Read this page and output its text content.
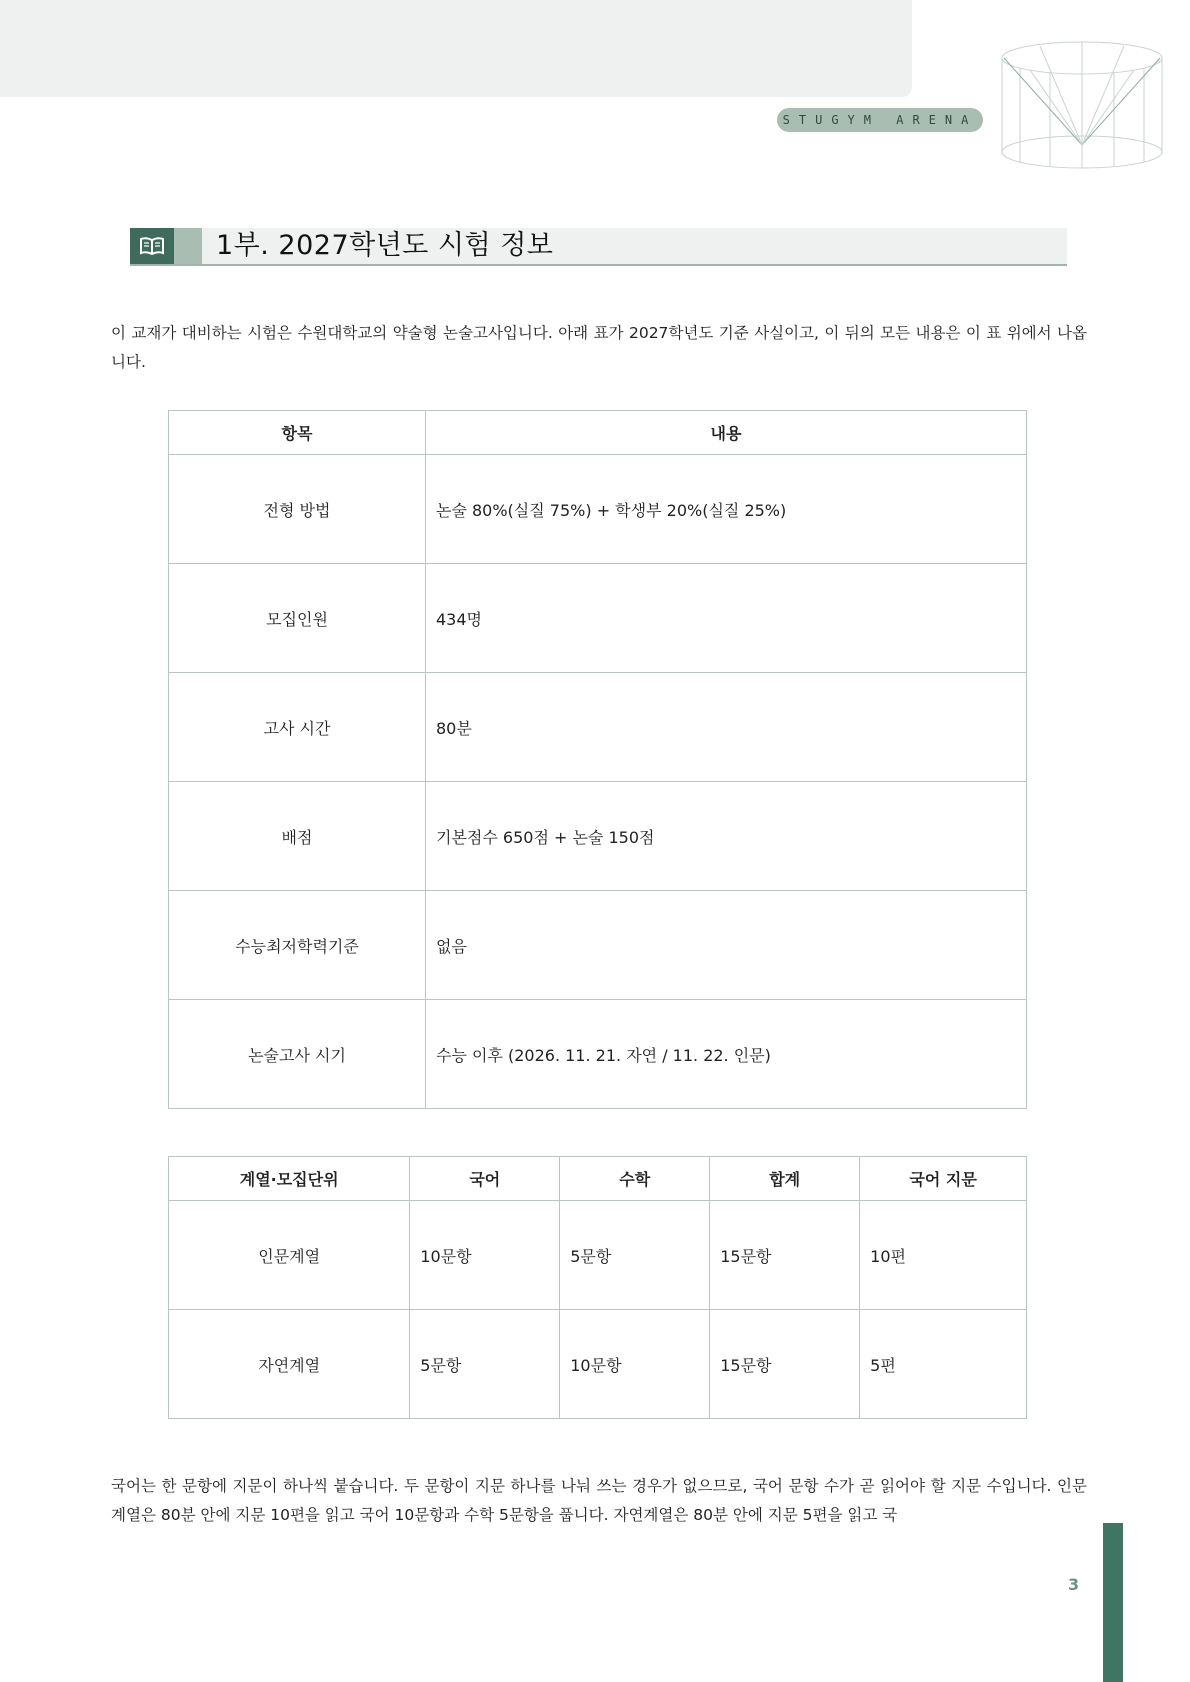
STUGYM ARENA
1부. 2027학년도 시험 정보

이 교재가 대비하는 시험은 수원대학교의 약술형 논술고사입니다. 아래 표가 2027학년도 기준 사실이고, 이 뒤의 모든 내용은 이 표 위에서 나옵니다.

항목	내용
전형 방법	논술 80%(실질 75%) + 학생부 20%(실질 25%)
모집인원	434명
고사 시간	80분
배점	기본점수 650점 + 논술 150점
수능최저학력기준	없음
논술고사 시기	수능 이후 (2026. 11. 21. 자연 / 11. 22. 인문)
계열·모집단위	국어	수학	합계	국어 지문
인문계열	10문항	5문항	15문항	10편
자연계열	5문항	10문항	15문항	5편

국어는 한 문항에 지문이 하나씩 붙습니다. 두 문항이 지문 하나를 나눠 쓰는 경우가 없으므로, 국어 문항 수가 곧 읽어야 할 지문 수입니다. 인문계열은 80분 안에 지문 10편을 읽고 국어 10문항과 수학 5문항을 풉니다. 자연계열은 80분 안에 지문 5편을 읽고 국

3
